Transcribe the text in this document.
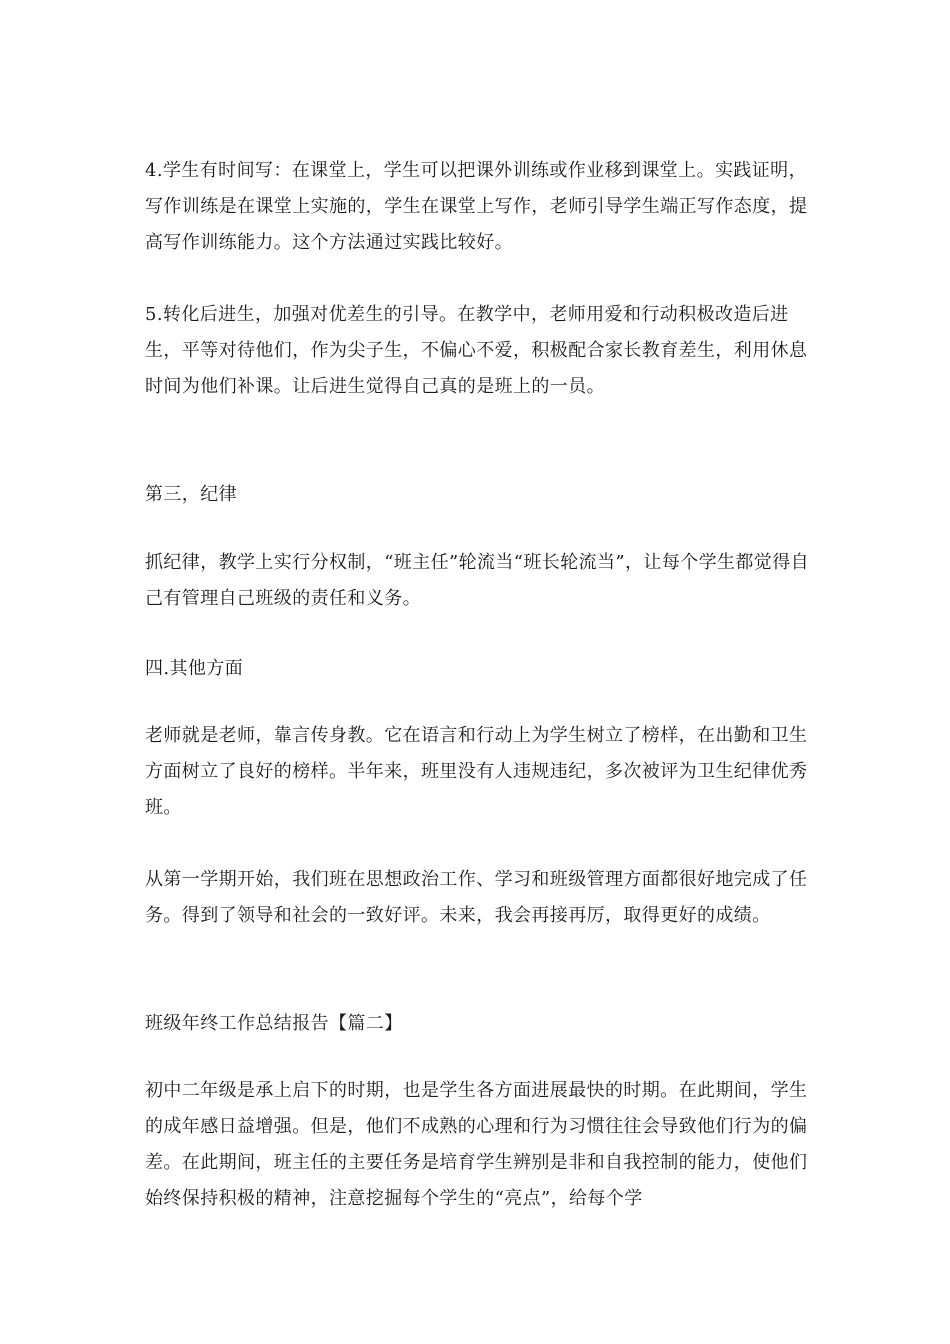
4.学生有时间写：在课堂上，学生可以把课外训练或作业移到课堂上。实践证明，写作训练是在课堂上实施的，学生在课堂上写作，老师引导学生端正写作态度，提高写作训练能力。这个方法通过实践比较好。

5.转化后进生，加强对优差生的引导。在教学中，老师用爱和行动积极改造后进生，平等对待他们，作为尖子生，不偏心不爱，积极配合家长教育差生，利用休息时间为他们补课。让后进生觉得自己真的是班上的一员。

第三，纪律

抓纪律，教学上实行分权制，“班主任”轮流当“班长轮流当”，让每个学生都觉得自己有管理自己班级的责任和义务。

四.其他方面

老师就是老师，靠言传身教。它在语言和行动上为学生树立了榜样，在出勤和卫生方面树立了良好的榜样。半年来，班里没有人违规违纪，多次被评为卫生纪律优秀班。

从第一学期开始，我们班在思想政治工作、学习和班级管理方面都很好地完成了任务。得到了领导和社会的一致好评。未来，我会再接再厉，取得更好的成绩。

班级年终工作总结报告【篇二】

初中二年级是承上启下的时期，也是学生各方面进展最快的时期。在此期间，学生的成年感日益增强。但是，他们不成熟的心理和行为习惯往往会导致他们行为的偏差。在此期间，班主任的主要任务是培育学生辨别是非和自我控制的能力，使他们始终保持积极的精神，注意挖掘每个学生的“亮点”，给每个学
